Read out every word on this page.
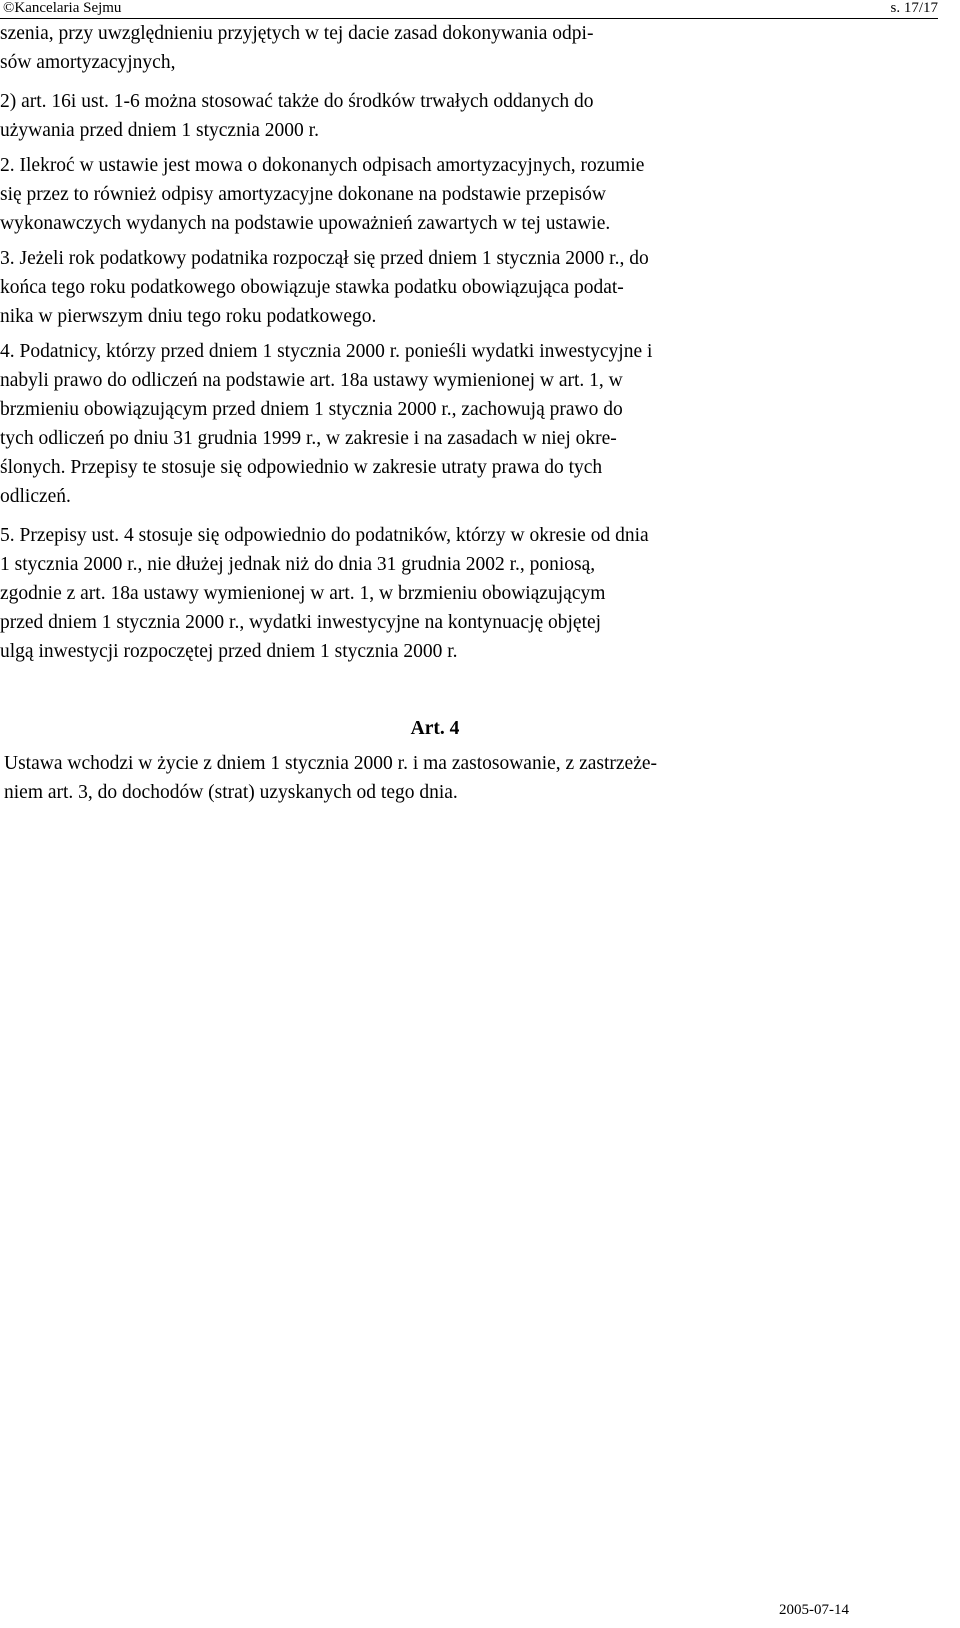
©Kancelaria Sejmu	s. 17/17
szenia, przy uwzględnieniu przyjętych w tej dacie zasad dokonywania odpi-
sów amortyzacyjnych,
2) art. 16i ust. 1-6 można stosować także do środków trwałych oddanych do
używania przed dniem 1 stycznia 2000 r.
2. Ilekroć w ustawie jest mowa o dokonanych odpisach amortyzacyjnych, rozumie
się przez to również odpisy amortyzacyjne dokonane na podstawie przepisów
wykonawczych wydanych na podstawie upoważnień zawartych w tej ustawie.
3. Jeżeli rok podatkowy podatnika rozpoczął się przed dniem 1 stycznia 2000 r., do
końca tego roku podatkowego obowiązuje stawka podatku obowiązująca podat-
nika w pierwszym dniu tego roku podatkowego.
4. Podatnicy, którzy przed dniem 1 stycznia 2000 r. ponieśli wydatki inwestycyjne i
nabyli prawo do odliczeń na podstawie art. 18a ustawy wymienionej w art. 1, w
brzmieniu obowiązującym przed dniem 1 stycznia 2000 r., zachowują prawo do
tych odliczeń po dniu 31 grudnia 1999 r., w zakresie i na zasadach w niej okre-
ślonych. Przepisy te stosuje się odpowiednio w zakresie utraty prawa do tych
odliczeń.
5. Przepisy ust. 4 stosuje się odpowiednio do podatników, którzy w okresie od dnia
1 stycznia 2000 r., nie dłużej jednak niż do dnia 31 grudnia 2002 r., poniosą,
zgodnie z art. 18a ustawy wymienionej w art. 1, w brzmieniu obowiązującym
przed dniem 1 stycznia 2000 r., wydatki inwestycyjne na kontynuację objętej
ulgą inwestycji rozpoczętej przed dniem 1 stycznia 2000 r.
Art. 4
Ustawa wchodzi w życie z dniem 1 stycznia 2000 r. i ma zastosowanie, z zastrzeże-
niem art. 3, do dochodów (strat) uzyskanych od tego dnia.
2005-07-14
